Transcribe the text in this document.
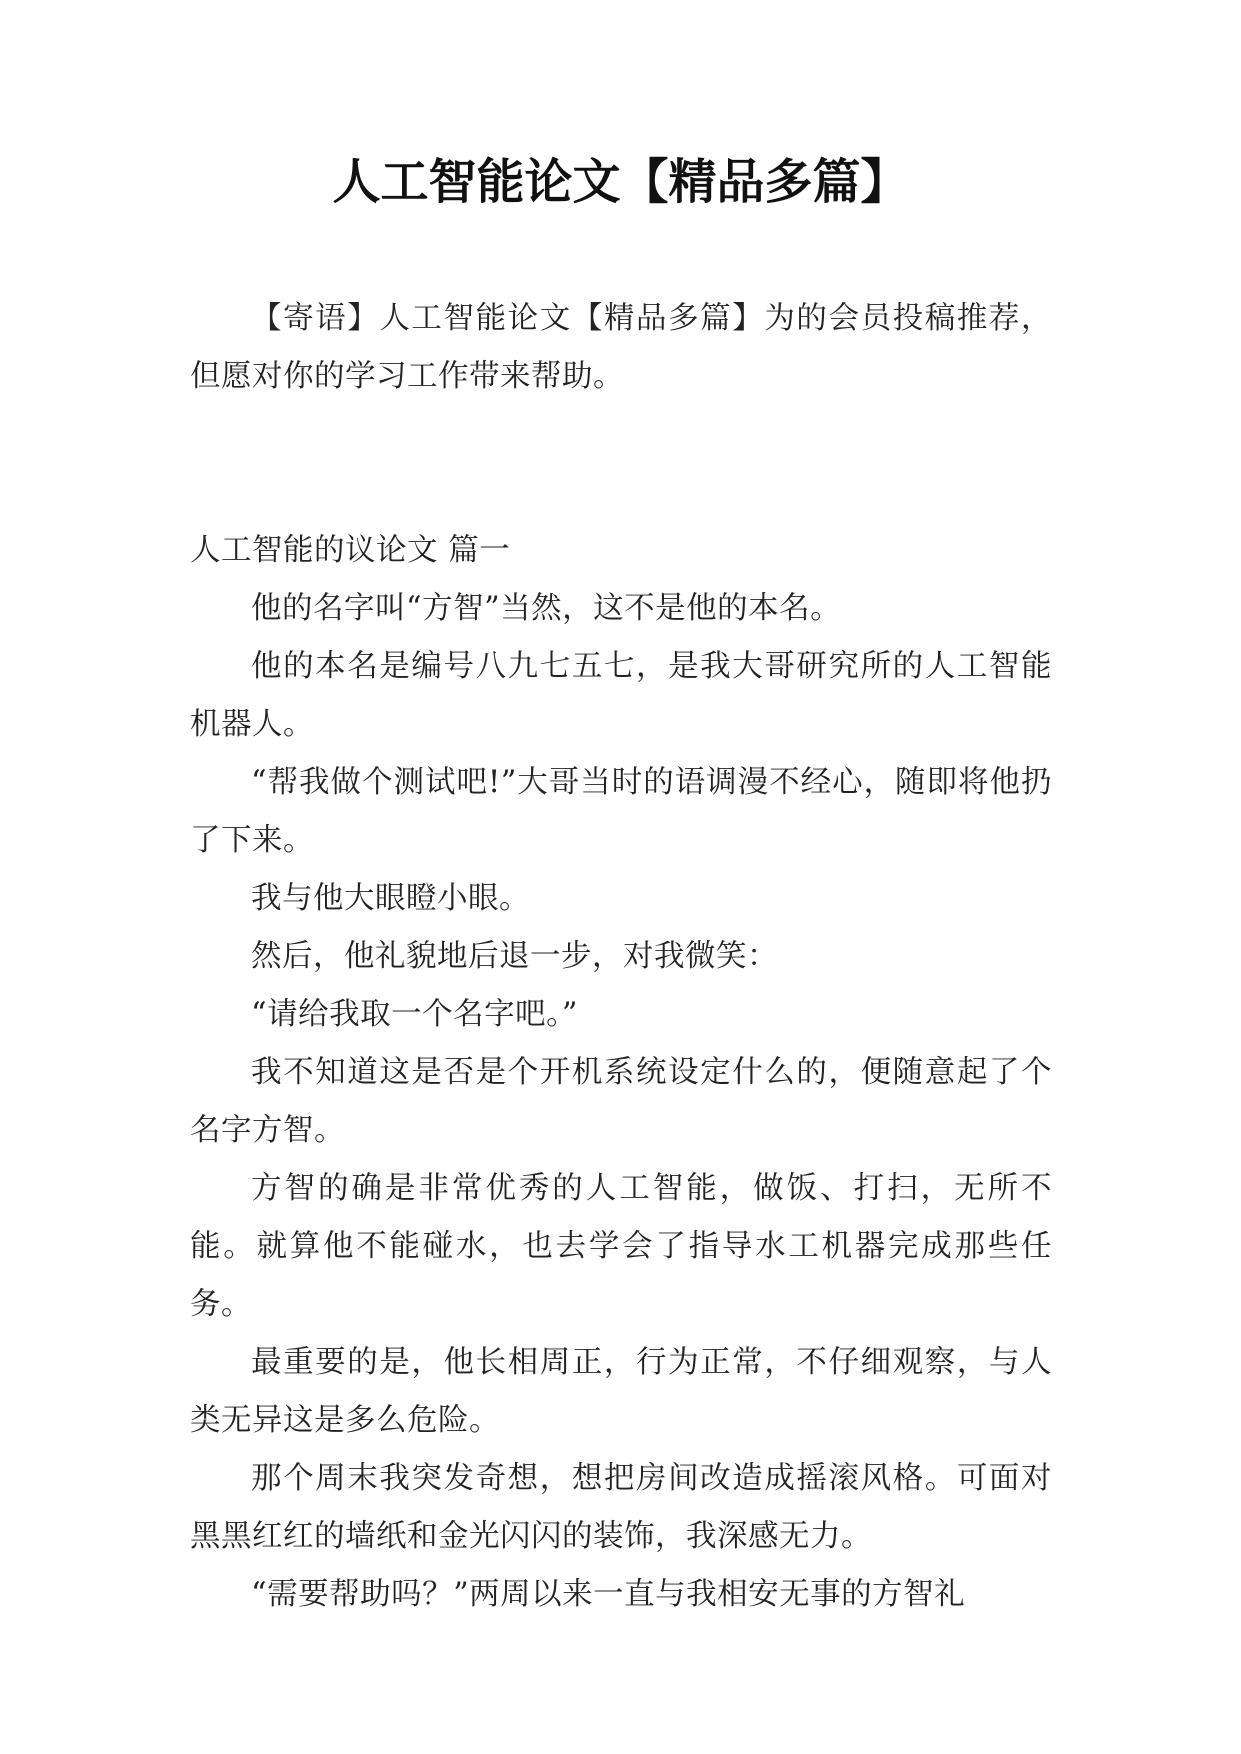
人工智能论文【精品多篇】

【寄语】人工智能论文【精品多篇】为的会员投稿推荐，但愿对你的学习工作带来帮助。

人工智能的议论文 篇一

他的名字叫“方智”当然，这不是他的本名。

他的本名是编号八九七五七，是我大哥研究所的人工智能机器人。

“帮我做个测试吧!”大哥当时的语调漫不经心，随即将他扔了下来。

我与他大眼瞪小眼。

然后，他礼貌地后退一步，对我微笑：

“请给我取一个名字吧。”

我不知道这是否是个开机系统设定什么的，便随意起了个名字方智。

方智的确是非常优秀的人工智能，做饭、打扫，无所不能。就算他不能碰水，也去学会了指导水工机器完成那些任务。

最重要的是，他长相周正，行为正常，不仔细观察，与人类无异这是多么危险。

那个周末我突发奇想，想把房间改造成摇滚风格。可面对黑黑红红的墙纸和金光闪闪的装饰，我深感无力。

“需要帮助吗？”两周以来一直与我相安无事的方智礼
